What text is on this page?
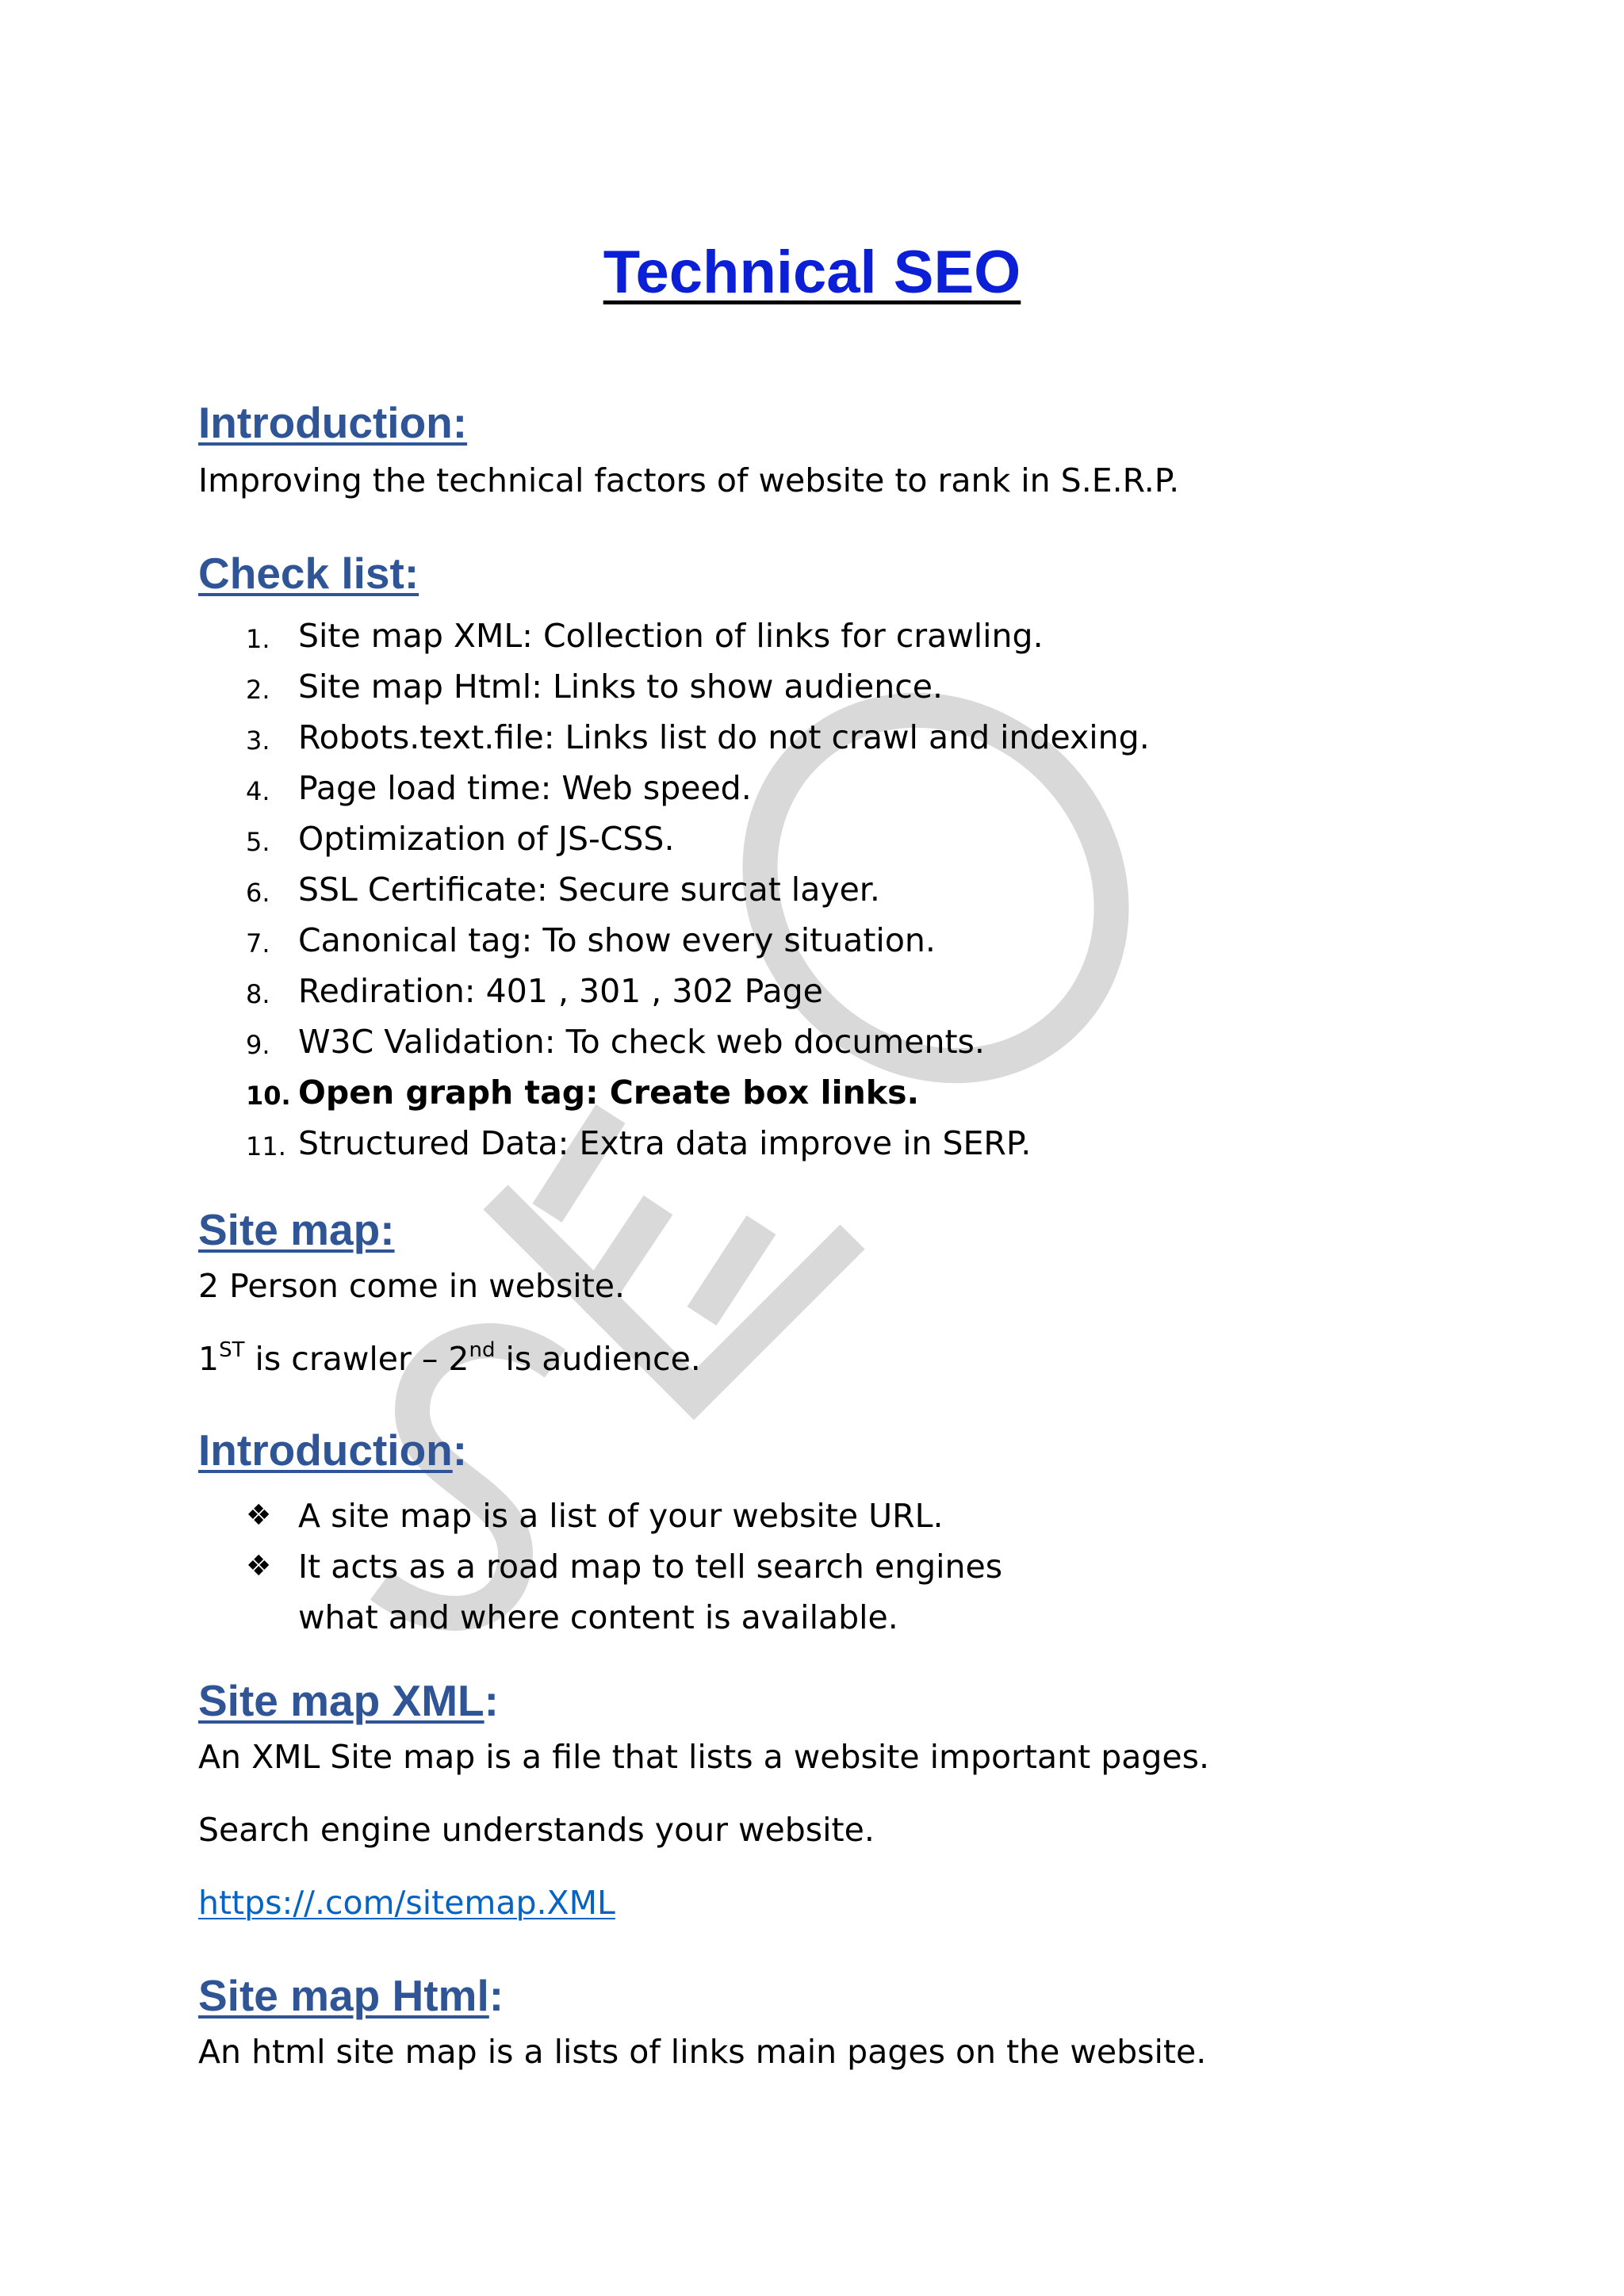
Technical SEO
Introduction:

Improving the technical factors of website to rank in S.E.R.P.

Check list:
1. Site map XML: Collection of links for crawling.
2. Site map Html: Links to show audience.
3. Robots.text.file: Links list do not crawl and indexing.
4. Page load time: Web speed.
5. Optimization of JS-CSS.
6. SSL Certificate: Secure surcat layer.
7. Canonical tag: To show every situation.
8. Rediration: 401 , 301 , 302 Page
9. W3C Validation: To check web documents.
10. Open graph tag: Create box links.
11. Structured Data: Extra data improve in SERP.
Site map:

2 Person come in website.

1ST is crawler – 2nd is audience.

Introduction:
❖ A site map is a list of your website URL.
❖ It acts as a road map to tell search engines
what and where content is available.
Site map XML:

An XML Site map is a file that lists a website important pages.

Search engine understands your website.

https://.com/sitemap.XML

Site map Html:

An html site map is a lists of links main pages on the website.
